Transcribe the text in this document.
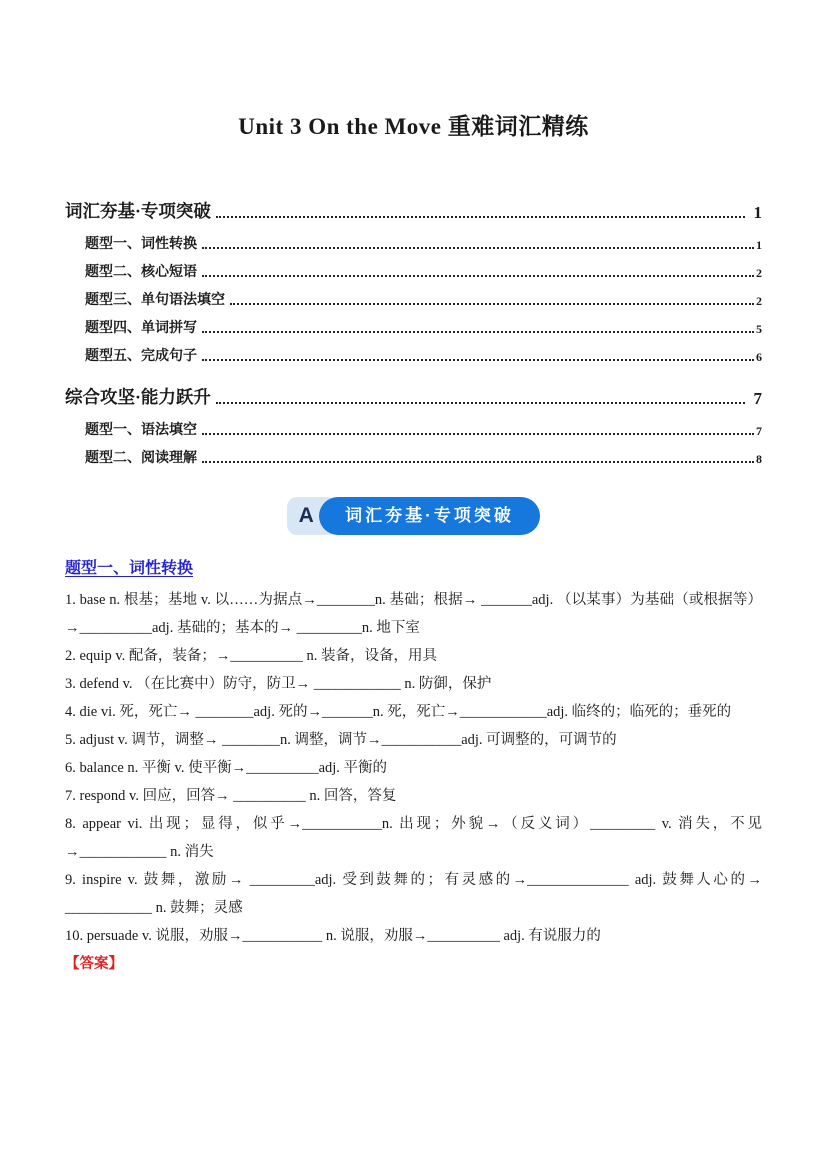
Unit 3 On the Move 重难词汇精练
词汇夯基·专项突破	1
题型一、词性转换	1
题型二、核心短语	2
题型三、单句语法填空	2
题型四、单词拼写	5
题型五、完成句子	6
综合攻坚·能力跃升	7
题型一、语法填空	7
题型二、阅读理解	8
A	词汇夯基·专项突破
题型一、词性转换

1. base n. 根基；基地 v. 以……为据点→________n. 基础；根据→ _______adj. （以某事）为基础（或根据等）→__________adj. 基础的；基本的→ _________n. 地下室

2. equip v. 配备，装备；→__________ n. 装备，设备，用具

3. defend v. （在比赛中）防守，防卫→ ____________ n. 防御，保护

4. die vi. 死，死亡→ ________adj. 死的→_______n. 死，死亡→____________adj. 临终的；临死的；垂死的

5. adjust v. 调节，调整→ ________n. 调整，调节→___________adj. 可调整的，可调节的

6. balance n. 平衡 v. 使平衡→__________adj. 平衡的

7. respond v. 回应，回答→ __________ n. 回答，答复

8. appear vi. 出现；显得，似乎→___________n. 出现；外貌→（反义词）_________ v. 消失，不见→____________ n. 消失

9. inspire v. 鼓舞，激励→ _________adj. 受到鼓舞的；有灵感的→______________ adj. 鼓舞人心的→ ____________ n. 鼓舞；灵感

10. persuade v. 说服，劝服→___________ n. 说服，劝服→__________ adj. 有说服力的

【答案】
